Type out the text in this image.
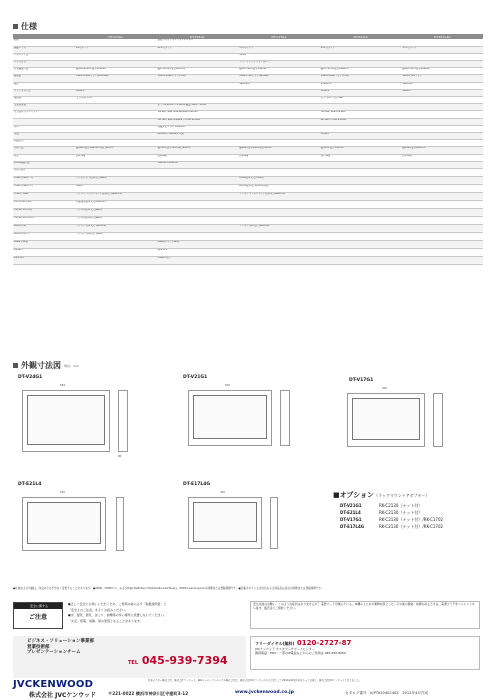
仕様
	DT-V24G1	DT-V21G1	DT-V17G1	DT-E21L4	DT-E17L4G
種類		液晶マルチフォーマットモニター			
画面サイズ	24型ワイド	21V型ワイド	17V型ワイド	21V型ワイド	17V型ワイド
アスペクト比			16:10		
パネル方式			アクティブマトリックスTFT		
有効画面寸法	幅518.4mm×高さ324mm	幅475mm×高さ267mm	幅367mm×高さ230mm	幅477mm×高さ268mm	幅367mm×高さ216mm
画素数	1920×1200ドット(WUXGA)	1920×1080ドット(FHD)	1366×768ドット(WXGA)	1920×1080ドット(FHD)	1280×720ドット
輝度			400cd/m²	250cd/m²	300cd/m²
コントラスト比	1000:1			1000:1	1000:1
視野角	上下/左右 178°			上下 178° 左右 160°	
走査周波数		水平 31.4kHz〜75.0kHz 垂直 50Hz〜85Hz			
入力信号フォーマット		3G SDI: SMPTE424M/SMPTE425M		HD SDI: SMPTE292M	
		HD SDI: SMPTE292M / ITU-R BT.656		SD SDI: ITU-R BT.656	
音声		内蔵スピーカー 1W+1W			
電源		AC100V, 50/60Hz 共用		DC12V	
消費電力					
外形寸法	幅564×高さ362mm×奥行90mm	幅515×高さ320×奥行80mm	幅410×高さ290×奥行80mm	幅515×高さ330mm	幅410×高さ280mm
質量	約8.7kg	約6.4kg	約4.9kg	約7.1kg	約5.4kg
VESA規格対応		100mm×100mm			
入出力端子					
Video (INPUT 1)	コンポジット信号入力(BNC)		HDMI信号入力(HDMI)		
Video (INPUT 2)	HDMI		DVI-D信号入力(HDCP対応)		
YPbPr / RGB	アナログコンポーネント信号入力(BNC×3)		アナログコンポーネント信号入力(BNC×3)		
EXT.SYNC (SD)	外部同期信号入力(BNC×2)				
HD/SD SDI (IN)	デジタル信号入力(BNC)				
HD/SD SDI (OUT)	デジタル信号出力(BNC)				
Audio (IN)	アナログ音声入力 (RCA×4)		アナログ音声入力 (RCA×2)		
Audio (OUT)	アナログ音声出力 (RCA)				
Make (Tally)		Make(メイク)/Tally			
RS-485		RJ-45×2			
RS-232C		D-sub 9ピン			
外観寸法図 単位：mm
DT-V24G1
564
90
DT-V21G1
515
DT-V17G1
410
DT-E21L4
515
DT-E17L4G
410	■オプション（ラックマウントアダプター）
DT-V21G1	RK-C2130（ナット付）
DT-E21L4	RK-C2130（ナット付）
DT-V17G1	RK-C2130（ナット付）/RK-C1702
DT-E17L4G	RK-C2130（ナット付）/RK-C1702
●仕様および外観は、改良のため予告なく変更することがあります。●HDMI、HDMIロゴ、およびHigh-Definition Multimedia Interfaceは、HDMI Licensing,LLCの商標または登録商標です。●記載されている会社名および商品名は各社の商標または登録商標です。
安全に関する
ご注意
●正しく安全にお使いいただくため、ご使用の前に必ず「取扱説明書」と
「安全上のご注意」をよくお読みください。
●水、湿気、湯気、ほこり、油煙等の多い場所に設置しないでください。
「火災、感電、故障」等の原因となることがあります。
安全点検のお願い　このような症状はありませんか？ 電源コードが傷んでいる。本機の上に水や異物を落とした。その他の異常・故障があるときは、電源プラグをコンセントから抜き、販売店にご相談ください。
ビジネス・ソリューション事業部
営業技術部
プレゼンテーションチーム
TEL 045-939-7394
フリーダイヤル(無料) 0120-2727-87
JVCケンウッド カスタマーサポートセンター
携帯電話・PHS・一部のIP電話などからのご利用は 045-450-8950
JVCKENWOOD	日本ビクター株式会社、株式会社ケンウッド、J&Kカーエレクトロニクス株式会社は、株式会社JVCケンウッドの子会社として2011年10月1日をもって合併し、株式会社JVCケンウッドとなりました。
株式会社 JVCケンウッド	〒221-0022 横浜市神奈川区守屋町3-12	www.jvckenwood.co.jp	カタログ番号　K/PTA2040240Z　2012年4月作成
